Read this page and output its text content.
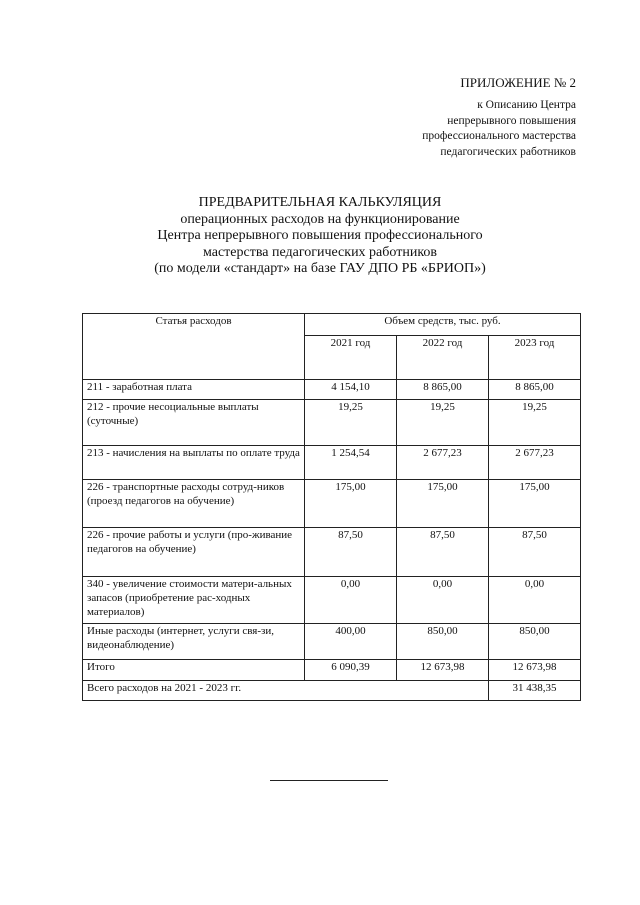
ПРИЛОЖЕНИЕ № 2
к Описанию Центра
непрерывного повышения
профессионального мастерства
педагогических работников
ПРЕДВАРИТЕЛЬНАЯ КАЛЬКУЛЯЦИЯ
операционных расходов на функционирование
Центра непрерывного повышения профессионального
мастерства педагогических работников
(по модели «стандарт» на базе ГАУ ДПО РБ «БРИОП»)
Статья расходов	Объем средств, тыс. руб.		
	2021 год	2022 год	2023 год
211 - заработная плата	4 154,10	8 865,00	8 865,00
212 - прочие несоциальные выплаты (суточные)	19,25	19,25	19,25
213 - начисления на выплаты по оплате труда	1 254,54	2 677,23	2 677,23
226 - транспортные расходы сотруд-ников (проезд педагогов на обучение)	175,00	175,00	175,00
226 - прочие работы и услуги (про-живание педагогов на обучение)	87,50	87,50	87,50
340 - увеличение стоимости матери-альных запасов (приобретение рас-ходных материалов)	0,00	0,00	0,00
Иные расходы (интернет, услуги свя-зи, видеонаблюдение)	400,00	850,00	850,00
Итого	6 090,39	12 673,98	12 673,98
Всего расходов на 2021 - 2023 гг.			31 438,35
